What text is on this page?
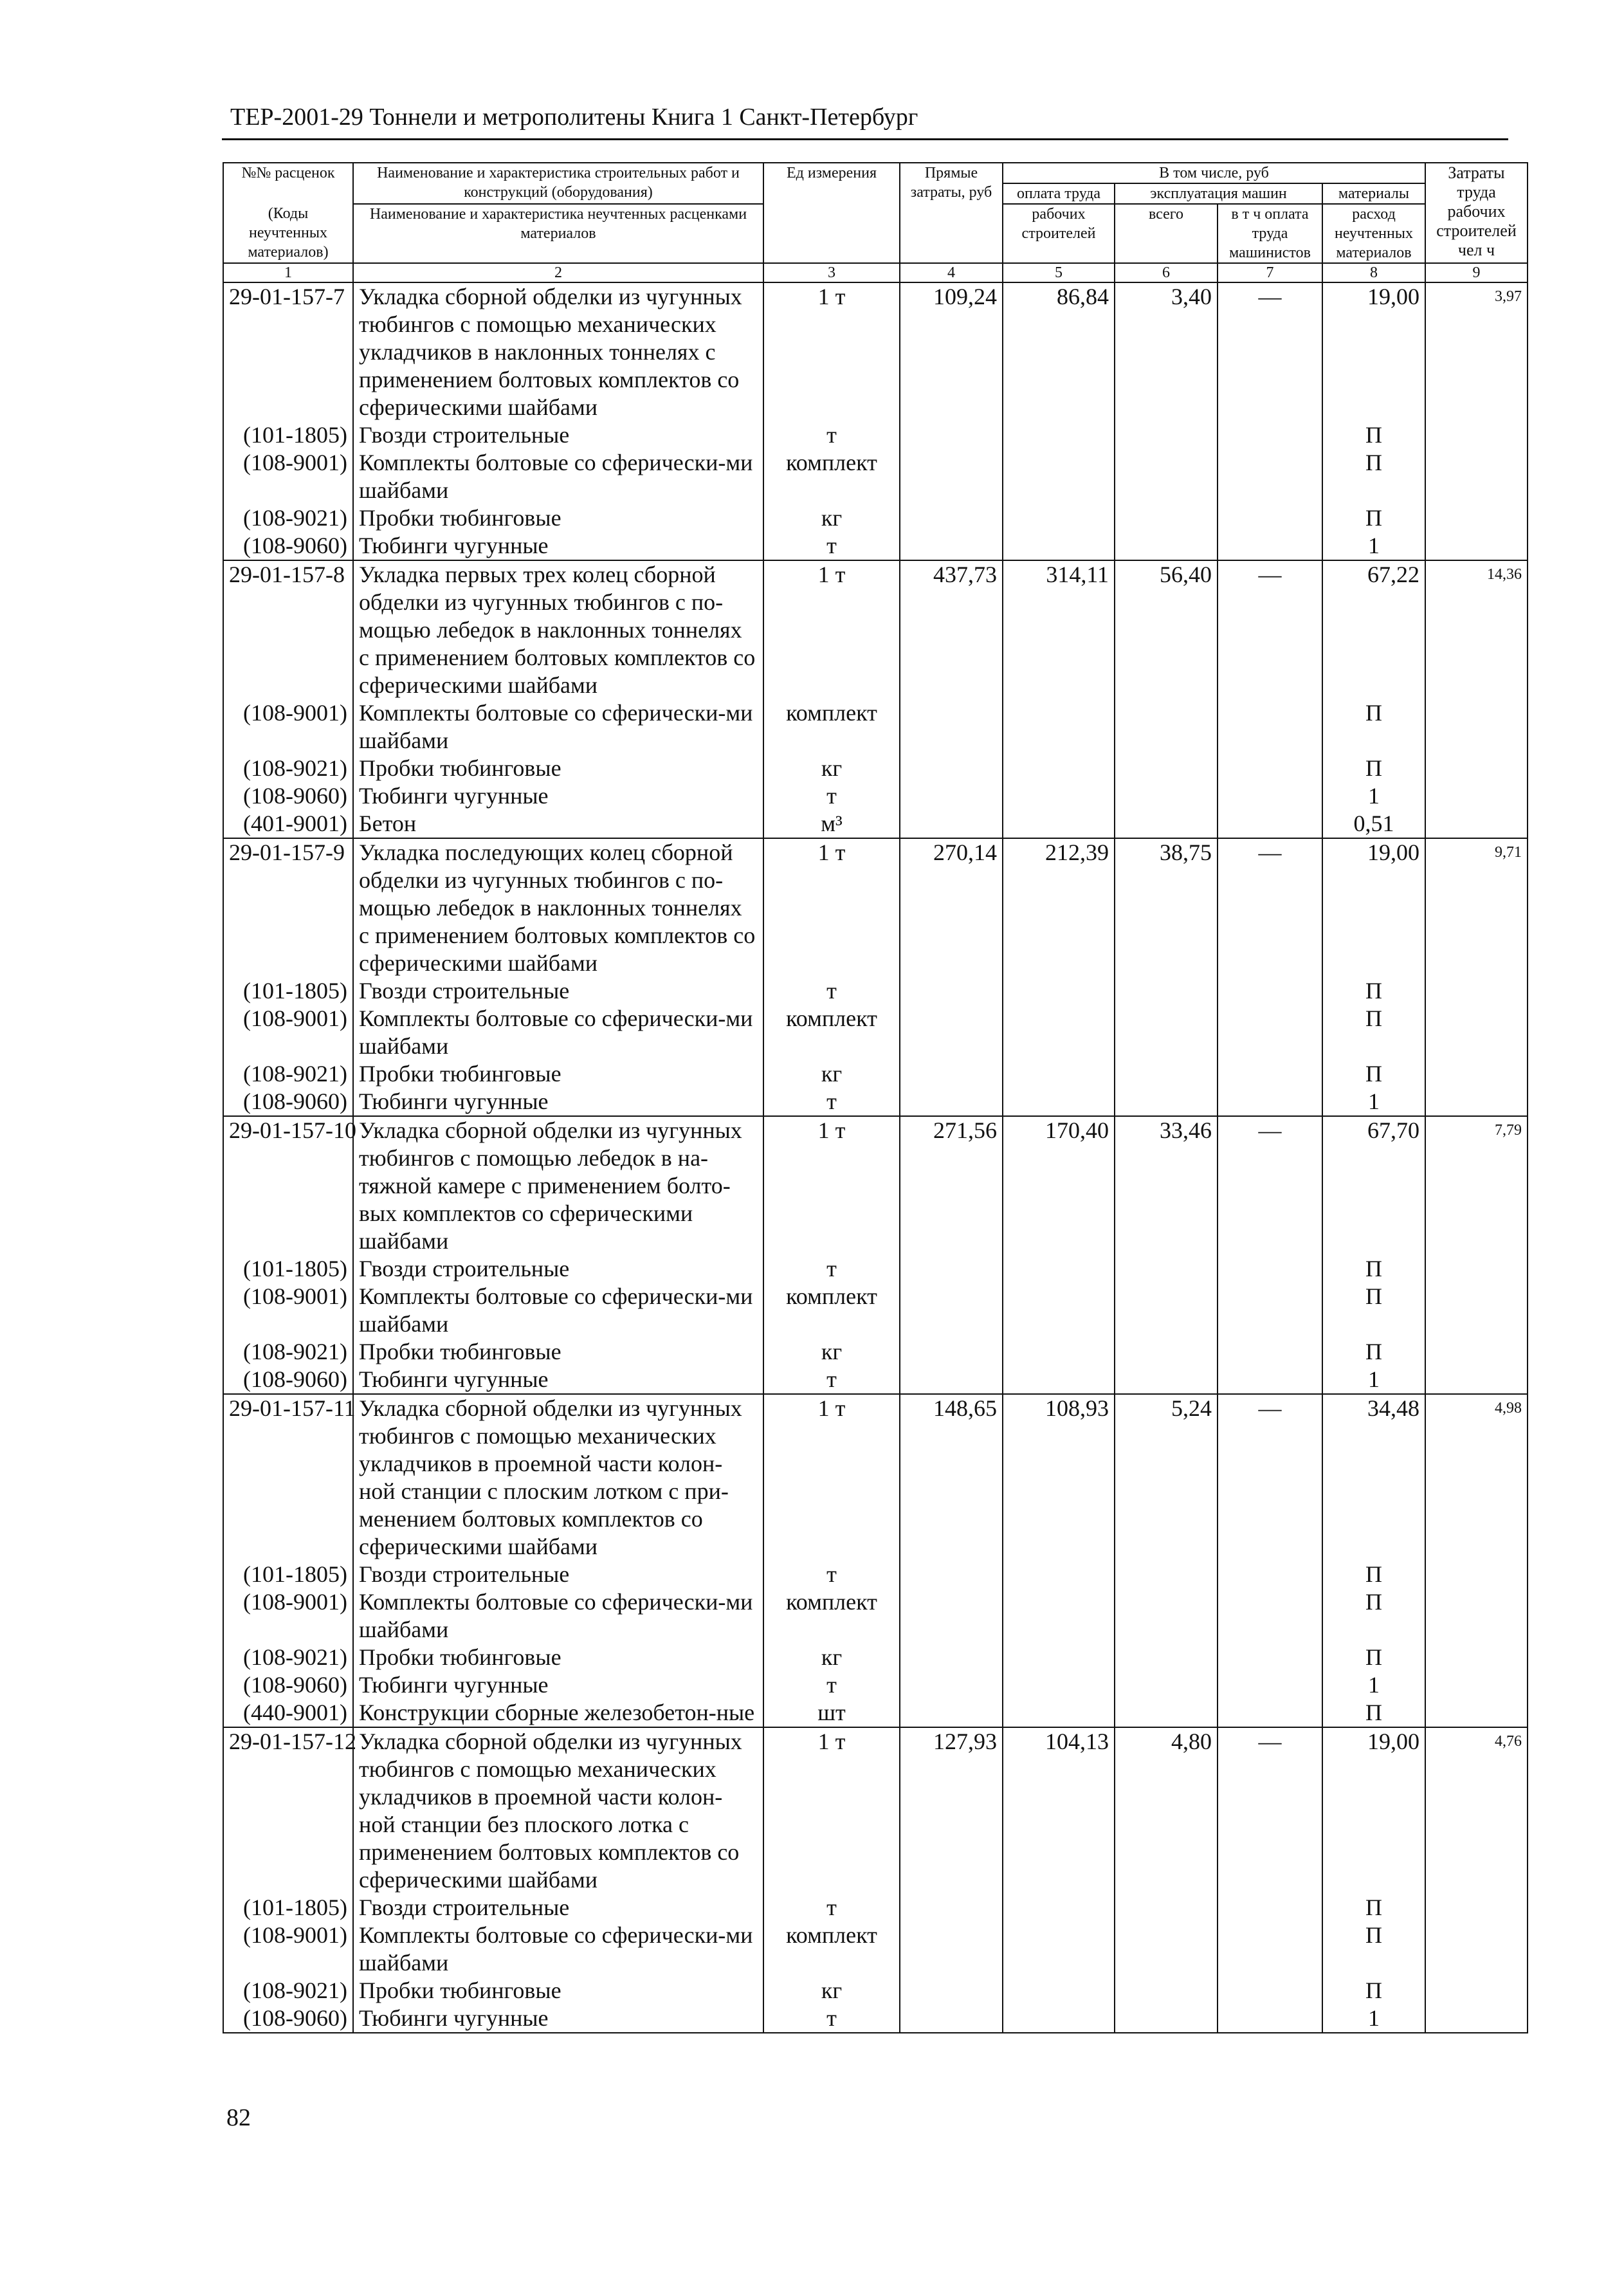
ТЕР-2001-29 Тоннели и метрополитены Книга 1 Санкт-Петербург
№№ расценок	Наименование и характеристика строительных работ и конструкций (оборудования)	Ед измерения	Прямые затраты, руб	В том числе, руб				Затраты труда рабочих строителей чел ч
				оплата труда	эксплуатация машин		материалы	
(Коды неучтенных материалов)	Наименование и характеристика неучтенных расценками материалов			рабочих строителей	всего	в т ч оплата труда машинистов	расход неучтенных материалов	

1	2	3	4	5	6	7	8	9
29-01-157-7	Укладка сборной обделки из чугунных тюбингов с помощью механических укладчиков в наклонных тоннелях с применением болтовых комплектов со сферическими шайбами	1 т	109,24	86,84	3,40	—	19,00	3,97
(101-1805)	Гвозди строительные	т					П	
(108-9001)	Комплекты болтовые со сферически-ми шайбами	комплект					П	
(108-9021)	Пробки тюбинговые	кг					П	
(108-9060)	Тюбинги чугунные	т					1	
29-01-157-8	Укладка первых трех колец сборной обделки из чугунных тюбингов с по-мощью лебедок в наклонных тоннелях с применением болтовых комплектов со сферическими шайбами	1 т	437,73	314,11	56,40	—	67,22	14,36
(108-9001)	Комплекты болтовые со сферически-ми шайбами	комплект					П	
(108-9021)	Пробки тюбинговые	кг					П	
(108-9060)	Тюбинги чугунные	т					1	
(401-9001)	Бетон	м³					0,51	
29-01-157-9	Укладка последующих колец сборной обделки из чугунных тюбингов с по-мощью лебедок в наклонных тоннелях с применением болтовых комплектов со сферическими шайбами	1 т	270,14	212,39	38,75	—	19,00	9,71
(101-1805)	Гвозди строительные	т					П	
(108-9001)	Комплекты болтовые со сферически-ми шайбами	комплект					П	
(108-9021)	Пробки тюбинговые	кг					П	
(108-9060)	Тюбинги чугунные	т					1	
29-01-157-10	Укладка сборной обделки из чугунных тюбингов с помощью лебедок в на-тяжной камере с применением болто-вых комплектов со сферическими шайбами	1 т	271,56	170,40	33,46	—	67,70	7,79
(101-1805)	Гвозди строительные	т					П	
(108-9001)	Комплекты болтовые со сферически-ми шайбами	комплект					П	
(108-9021)	Пробки тюбинговые	кг					П	
(108-9060)	Тюбинги чугунные	т					1	
29-01-157-11	Укладка сборной обделки из чугунных тюбингов с помощью механических укладчиков в проемной части колон-ной станции с плоским лотком с при-менением болтовых комплектов со сферическими шайбами	1 т	148,65	108,93	5,24	—	34,48	4,98
(101-1805)	Гвозди строительные	т					П	
(108-9001)	Комплекты болтовые со сферически-ми шайбами	комплект					П	
(108-9021)	Пробки тюбинговые	кг					П	
(108-9060)	Тюбинги чугунные	т					1	
(440-9001)	Конструкции сборные железобетон-ные	шт					П	
29-01-157-12	Укладка сборной обделки из чугунных тюбингов с помощью механических укладчиков в проемной части колон-ной станции без плоского лотка с применением болтовых комплектов со сферическими шайбами	1 т	127,93	104,13	4,80	—	19,00	4,76
(101-1805)	Гвозди строительные	т					П	
(108-9001)	Комплекты болтовые со сферически-ми шайбами	комплект					П	
(108-9021)	Пробки тюбинговые	кг					П	
(108-9060)	Тюбинги чугунные	т					1	
82
